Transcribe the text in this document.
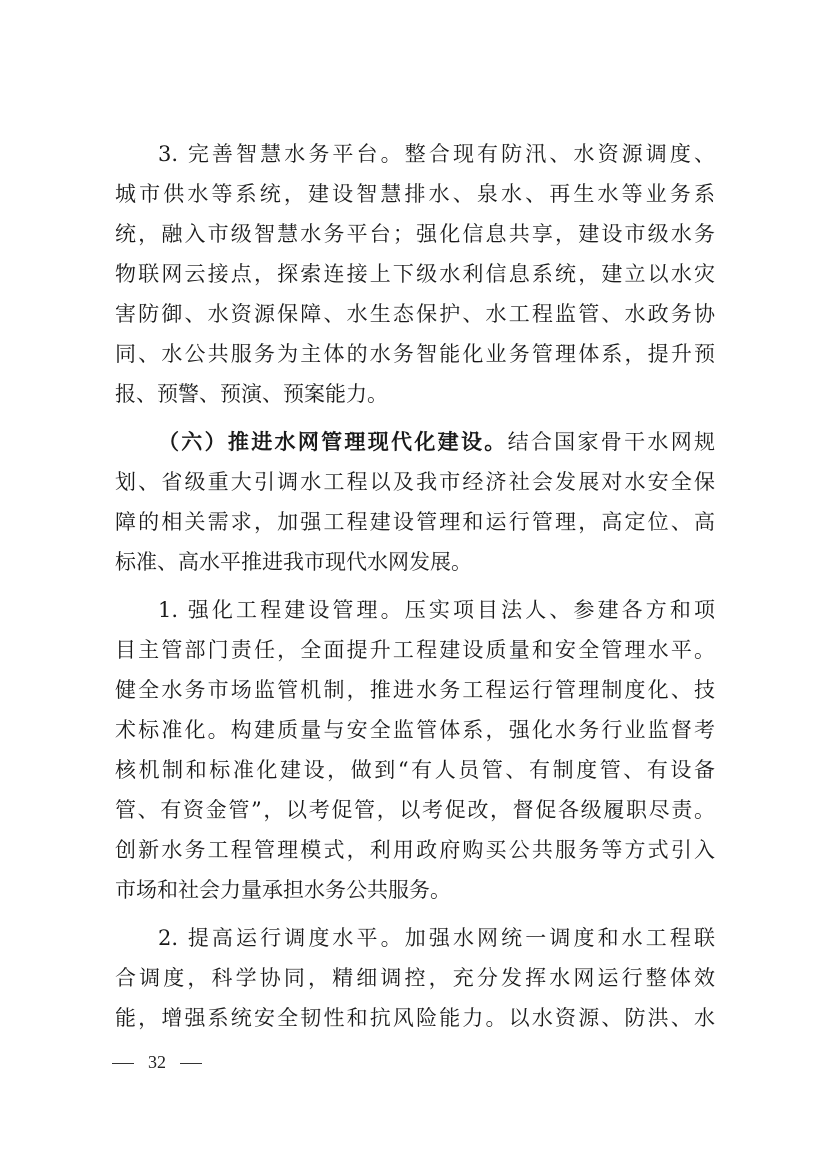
3. 完善智慧水务平台。整合现有防汛、水资源调度、
城市供水等系统，建设智慧排水、泉水、再生水等业务系
统，融入市级智慧水务平台；强化信息共享，建设市级水务
物联网云接点，探索连接上下级水利信息系统，建立以水灾
害防御、水资源保障、水生态保护、水工程监管、水政务协
同、水公共服务为主体的水务智能化业务管理体系，提升预
报、预警、预演、预案能力。
（六）推进水网管理现代化建设。结合国家骨干水网规
划、省级重大引调水工程以及我市经济社会发展对水安全保
障的相关需求，加强工程建设管理和运行管理，高定位、高
标准、高水平推进我市现代水网发展。
1. 强化工程建设管理。压实项目法人、参建各方和项
目主管部门责任，全面提升工程建设质量和安全管理水平。
健全水务市场监管机制，推进水务工程运行管理制度化、技
术标准化。构建质量与安全监管体系，强化水务行业监督考
核机制和标准化建设，做到“有人员管、有制度管、有设备
管、有资金管”，以考促管，以考促改，督促各级履职尽责。
创新水务工程管理模式，利用政府购买公共服务等方式引入
市场和社会力量承担水务公共服务。
2. 提高运行调度水平。加强水网统一调度和水工程联
合调度，科学协同，精细调控，充分发挥水网运行整体效
能，增强系统安全韧性和抗风险能力。以水资源、防洪、水
32
